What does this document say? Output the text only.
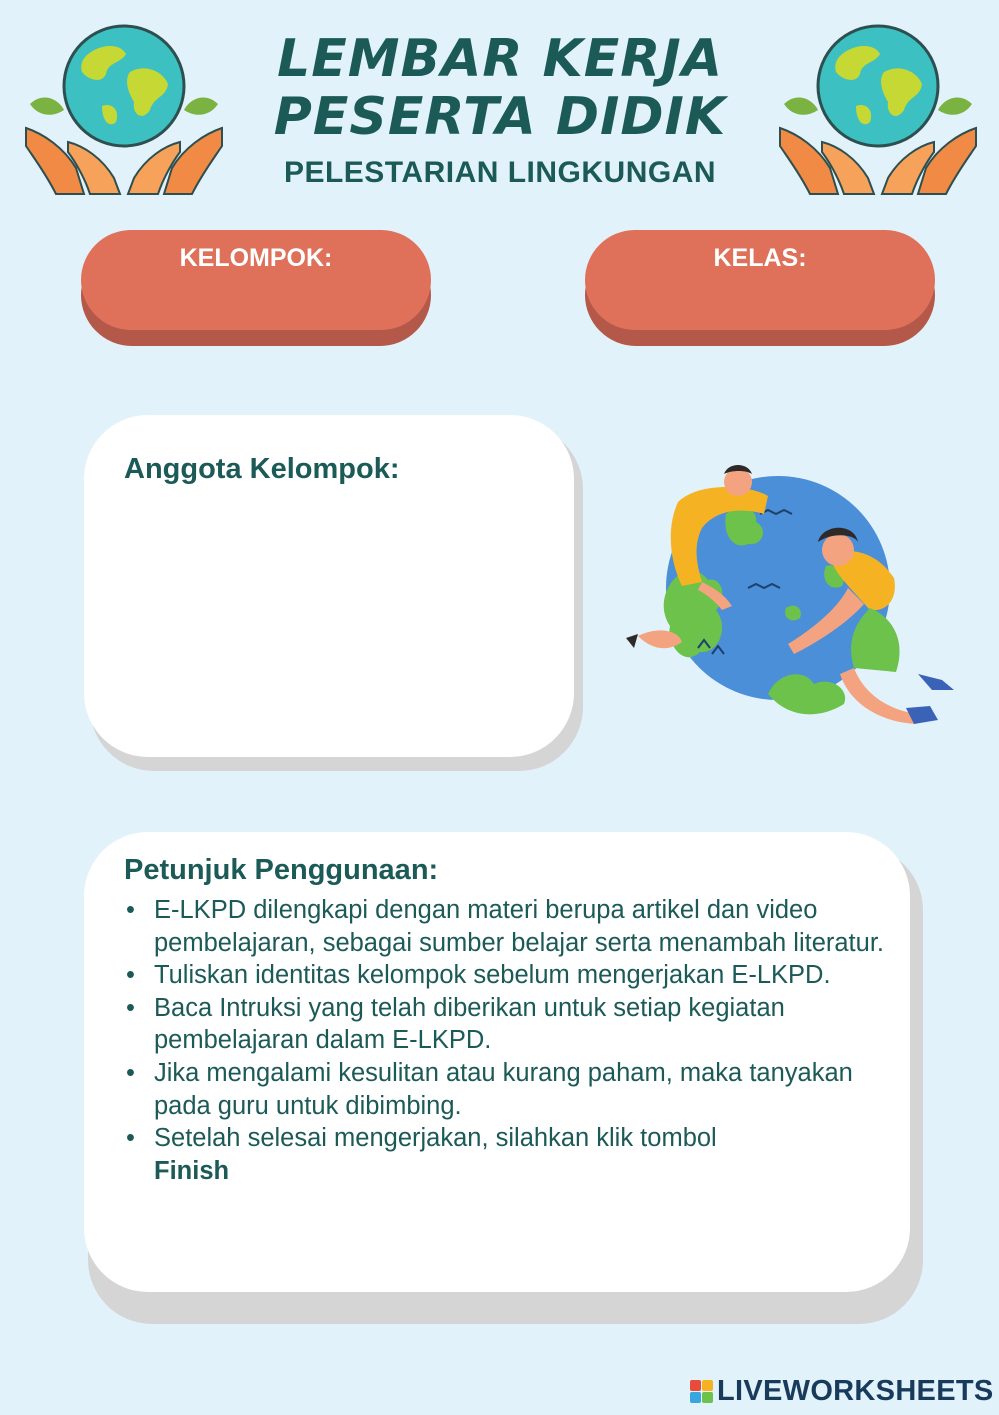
LEMBAR KERJA
PESERTA DIDIK
PELESTARIAN LINGKUNGAN
KELOMPOK:	KELAS:
Anggota Kelompok:
Petunjuk Penggunaan:
• E-LKPD dilengkapi dengan materi berupa artikel dan video pembelajaran, sebagai sumber belajar serta menambah literatur.
• Tuliskan identitas kelompok sebelum mengerjakan E-LKPD.
• Baca Intruksi yang telah diberikan untuk setiap kegiatan pembelajaran dalam E-LKPD.
• Jika mengalami kesulitan atau kurang paham, maka tanyakan pada guru untuk dibimbing.
• Setelah selesai mengerjakan, silahkan klik tombol
Finish
LIVEWORKSHEETS
